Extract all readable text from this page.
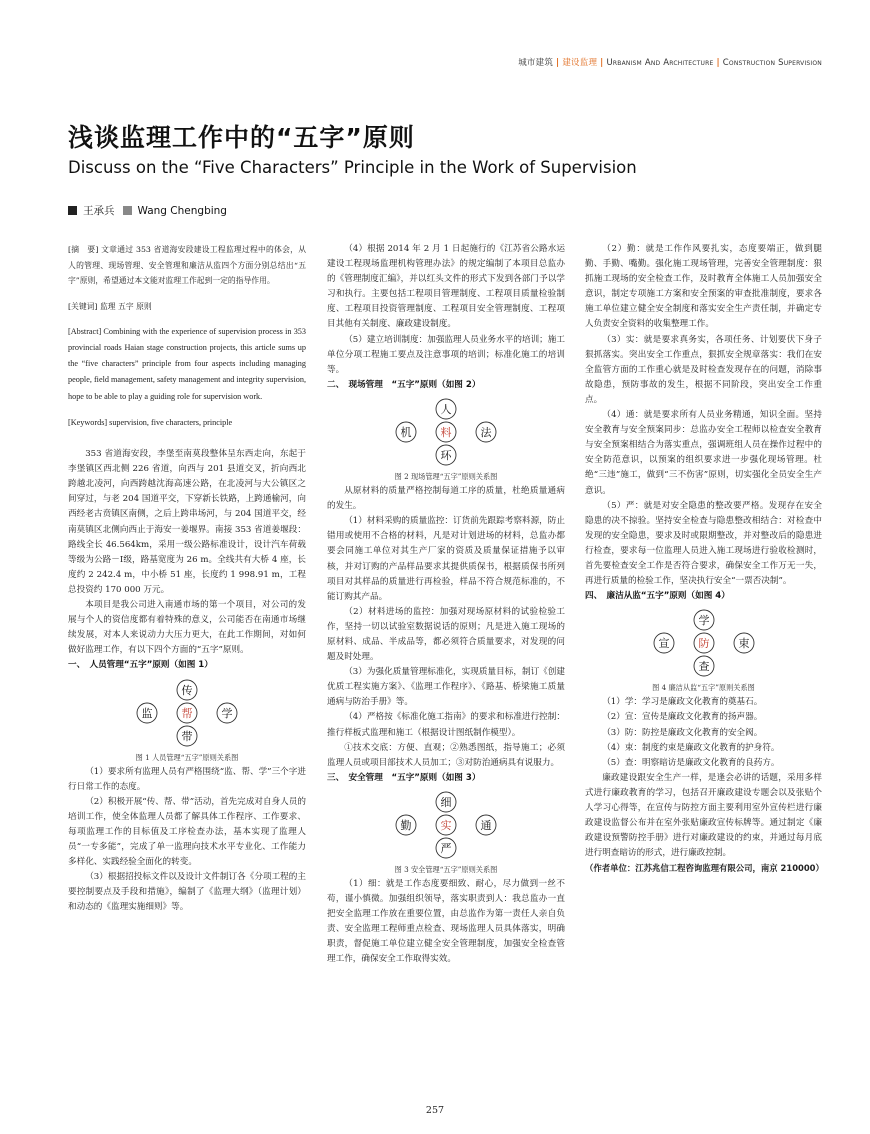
城市建筑 | 建设监理 | Urbanism And Architecture | Construction Supervision
浅谈监理工作中的“五字”原则
Discuss on the “Five Characters” Principle in the Work of Supervision
王承兵 Wang Chengbing

[摘　要] 文章通过 353 省道海安段建设工程监理过程中的体会，从人的管理、现场管理、安全管理和廉洁从监四个方面分别总结出“五字”原则，希望通过本文能对监理工作起到一定的指导作用。

[关键词] 监理 五字 原则

[Abstract] Combining with the experience of supervision process in 353 provincial roads Haian stage construction projects, this article sums up the “five characters” principle from four aspects including managing people, field management, safety management and integrity supervision, hope to be able to play a guiding role for supervision work.

[Keywords] supervision, five characters, principle

353 省道海安段，李堡至南莫段整体呈东西走向，东起于李堡镇区西北侧 226 省道，向西与 201 县道交叉，折向西北跨越北凌河，向西跨越沈海高速公路，在北凌河与大公镇区之间穿过，与老 204 国道平交，下穿新长铁路，上跨通榆河，向西经老古贲镇区南侧，之后上跨串场河，与 204 国道平交，经南莫镇区北侧向西止于海安一姜堰界。南接 353 省道姜堰段：路线全长 46.564km，采用一级公路标准设计，设计汽车荷载等级为公路－Ⅰ级，路基宽度为 26 m。全线共有大桥 4 座，长度约 2 242.4 m，中小桥 51 座，长度约 1 998.91 m，工程总投资约 170 000 万元。

本项目是我公司进入南通市场的第一个项目，对公司的发展与个人的资信度都有着特殊的意义，公司能否在南通市场继续发展，对本人来说动力大压力更大，在此工作期间，对如何做好监理工作，有以下四个方面的“五字”原则。

一、　人员管理“五字”原则（如图 1）

传
监	帮	学
带

图 1 人员管理“五字”原则关系图

（1）要求所有监理人员有严格围绕“监、帮、学”三个字进行日常工作的态度。

（2）积极开展“传、帮、带”活动，首先完成对自身人员的培训工作，使全体监理人员都了解具体工作程序、工作要求、每项监理工作的目标值及工序检查办法，基本实现了监理人员“一专多能”，完成了单一监理向技术水平专业化、工作能力多样化、实践经验全面化的转变。

（3）根据招投标文件以及设计文件制订各《分项工程的主要控制要点及手段和措施》，编制了《监理大纲》（监理计划）和动态的《监理实施细则》等。

（4）根据 2014 年 2 月 1 日起施行的《江苏省公路水运建设工程现场监理机构管理办法》的规定编制了本项目总监办的《管理制度汇编》，并以红头文件的形式下发到各部门予以学习和执行。主要包括工程项目管理制度、工程项目质量检验制度、工程项目投资管理制度、工程项目安全管理制度、工程项目其他有关制度、廉政建设制度。

（5）建立培训制度：加强监理人员业务水平的培训；施工单位分项工程施工要点及注意事项的培训；标准化施工的培训等。

二、　现场管理　“五字”原则（如图 2）

人
机	料	法
环

图 2 现场管理“五字”原则关系图

从原材料的质量严格控制每道工序的质量，杜绝质量通病的发生。

（1）材料采购的质量监控：订货前先跟踪考察料源，防止错用或使用不合格的材料，凡是对计划进场的材料，总监办都要会同施工单位对其生产厂家的资质及质量保证措施予以审核，并对订购的产品样品要求其提供质保书，根据质保书所列项目对其样品的质量进行再检验，样品不符合规范标准的，不能订购其产品。

（2）材料进场的监控：加强对现场原材料的试验检验工作，坚持一切以试验室数据说话的原则；凡是进入施工现场的原材料、成品、半成品等，都必须符合质量要求，对发现的问题及时处理。

（3）为强化质量管理标准化，实现质量目标，制订《创建优质工程实施方案》、《监理工作程序》、《路基、桥梁施工质量通病与防治手册》等。

（4）严格按《标准化施工指南》的要求和标准进行控制：推行样板式监理和施工（根据设计图纸制作模型）。

①技术交底：方便、直观；②熟悉图纸，指导施工；必须监理人员或项目部技术人员加工；③对防治通病具有说服力。

三、　安全管理　“五字”原则（如图 3）

细
勤	实	通
严

图 3 安全管理“五字”原则关系图

（1）细：就是工作态度要细致、耐心，尽力做到一丝不苟，谨小慎微。加强组织领导，落实职责到人：我总监办一直把安全监理工作放在重要位置，由总监作为第一责任人亲自负责、安全监理工程师重点检查、现场监理人员具体落实，明确职责，督促施工单位建立健全安全管理制度，加强安全检查管理工作，确保安全工作取得实效。

（2）勤：就是工作作风要扎实，态度要端正，做到腿勤、手勤、嘴勤。强化施工现场管理，完善安全管理制度：狠抓施工现场的安全检查工作，及时教育全体施工人员加强安全意识，制定专项施工方案和安全预案的审查批准制度，要求各施工单位建立健全安全制度和落实安全生产责任制，并确定专人负责安全资料的收集整理工作。

（3）实：就是要求真务实，各项任务、计划要伏下身子狠抓落实。突出安全工作重点，狠抓安全规章落实：我们在安全监管方面的工作重心就是及时检查发现存在的问题，消除事故隐患，预防事故的发生，根据不同阶段，突出安全工作重点。

（4）通：就是要求所有人员业务精通，知识全面。坚持安全教育与安全预案同步：总监办安全工程师以检查安全教育与安全预案相结合为落实重点，强调班组人员在操作过程中的安全防范意识，以预案的组织要求进一步强化现场管理。杜绝“三违”施工，做到“三不伤害”原则，切实强化全员安全生产意识。

（5）严：就是对安全隐患的整改要严格。发现存在安全隐患的决不掠验。坚持安全检查与隐患整改相结合：对检查中发现的安全隐患，要求及时或限期整改，并对整改后的隐患进行检查，要求每一位监理人员进入施工现场进行验收检测时，首先要检查安全工作是否符合要求，确保安全工作万无一失，再进行质量的检验工作，坚决执行安全“一票否决制”。

四、　廉洁从监“五字”原则（如图 4）

学
宣	防	束
查

图 4 廉洁从监“五字”原则关系图

（1）学：学习是廉政文化教育的奠基石。

（2）宣：宣传是廉政文化教育的扬声器。

（3）防：防控是廉政文化教育的安全阀。

（4）束：制度约束是廉政文化教育的护身符。

（5）查：明察暗访是廉政文化教育的良药方。

廉政建设跟安全生产一样，是逢会必讲的话题，采用多样式进行廉政教育的学习，包括召开廉政建设专题会以及张贴个人学习心得等，在宣传与防控方面主要利用室外宣传栏进行廉政建设监督公布并在室外张贴廉政宣传标牌等。通过制定《廉政建设预警防控手册》进行对廉政建设的约束，并通过每月底进行明查暗访的形式，进行廉政控制。

（作者单位：江苏兆信工程咨询监理有限公司，南京 210000）

257
